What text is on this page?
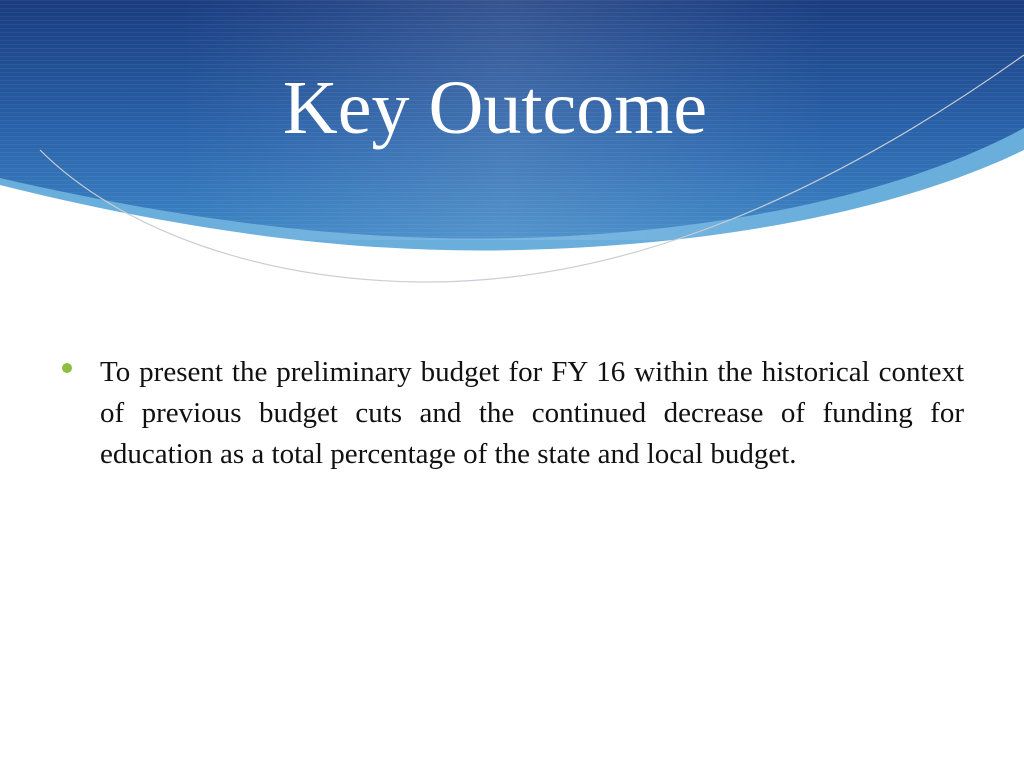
Key Outcome
To present the preliminary budget for FY 16 within the historical context of previous budget cuts and the continued decrease of funding for education as a total percentage of the state and local budget.
